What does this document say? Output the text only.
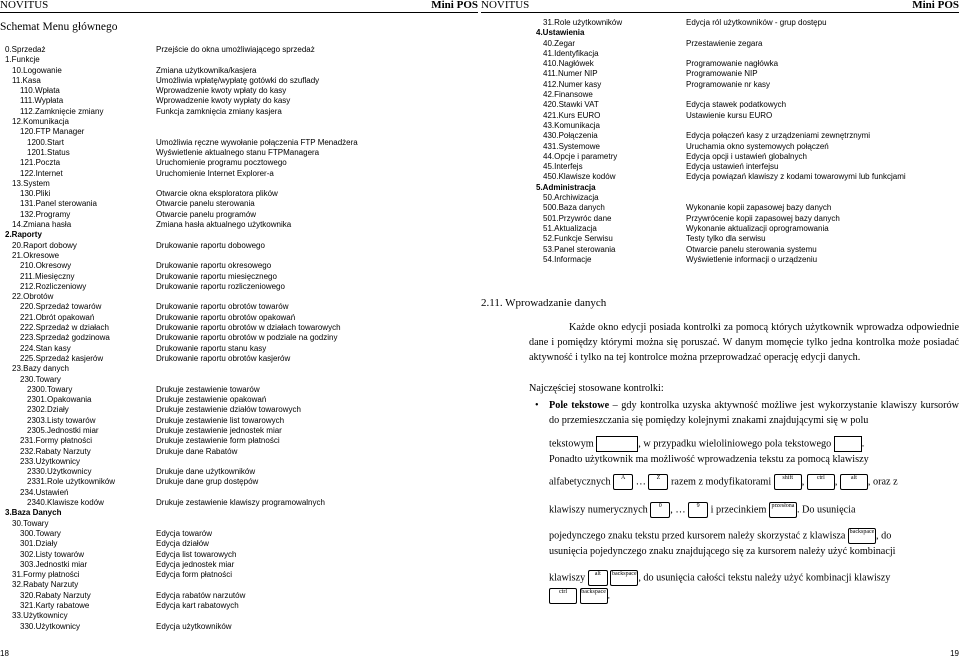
NOVITUS	Mini POS
Schemat Menu głównego
0.Sprzedaż	Przejście do okna umożliwiającego sprzedaż
1.Funkcje
10.Logowanie	Zmiana użytkownika/kasjera
11.Kasa	Umożliwia wpłatę/wypłatę gotówki do szuflady
110.Wpłata	Wprowadzenie kwoty wpłaty do kasy
111.Wypłata	Wprowadzenie kwoty wypłaty do kasy
112.Zamknięcie zmiany	Funkcja zamknięcia zmiany kasjera
12.Komunikacja
120.FTP Manager
1200.Start	Umożliwia ręczne wywołanie połączenia FTP Menadżera
1201.Status	Wyświetlenie aktualnego stanu FTPManagera
121.Poczta	Uruchomienie programu pocztowego
122.Internet	Uruchomienie Internet Explorer-a
13.System
130.Pliki	Otwarcie okna eksploratora plików
131.Panel sterowania	Otwarcie panelu sterowania
132.Programy	Otwarcie panelu programów
14.Zmiana hasła	Zmiana hasła aktualnego użytkownika
2.Raporty
20.Raport dobowy	Drukowanie raportu dobowego
21.Okresowe
210.Okresowy	Drukowanie raportu okresowego
211.Miesięczny	Drukowanie raportu miesięcznego
212.Rozliczeniowy	Drukowanie raportu rozliczeniowego
22.Obrotów
220.Sprzedaż towarów	Drukowanie raportu obrotów towarów
221.Obrót opakowań	Drukowanie raportu obrotów opakowań
222.Sprzedaż w działach	Drukowanie raportu obrotów w działach towarowych
223.Sprzedaż godzinowa	Drukowanie raportu obrotów w podziale na godziny
224.Stan kasy	Drukowanie raportu stanu kasy
225.Sprzedaż kasjerów	Drukowanie raportu obrotów kasjerów
23.Bazy danych
230.Towary
2300.Towary	Drukuje zestawienie towarów
2301.Opakowania	Drukuje zestawienie opakowań
2302.Działy	Drukuje zestawienie działów towarowych
2303.Listy towarów	Drukuje zestawienie list towarowych
2305.Jednostki miar	Drukuje zestawienie jednostek miar
231.Formy płatności	Drukuje zestawienie form płatności
232.Rabaty Narzuty	Drukuje dane Rabatów
233.Użytkownicy
2330.Użytkownicy	Drukuje dane użytkowników
2331.Role użytkowników	Drukuje dane grup dostępów
234.Ustawień
2340.Klawisze kodów	Drukuje zestawienie klawiszy programowalnych
3.Baza Danych
30.Towary
300.Towary	Edycja towarów
301.Działy	Edycja działów
302.Listy towarów	Edycja list towarowych
303.Jednostki miar	Edycja jednostek miar
31.Formy płatności	Edycja form płatności
32.Rabaty Narzuty
320.Rabaty Narzuty	Edycja rabatów narzutów
321.Karty rabatowe	Edycja kart rabatowych
33.Użytkownicy
330.Użytkownicy	Edycja użytkowników
18
NOVITUS	Mini POS
31.Role użytkowników	Edycja ról użytkowników - grup dostępu
4.Ustawienia
40.Zegar	Przestawienie zegara
41.Identyfikacja
410.Nagłówek	Programowanie nagłówka
411.Numer NIP	Programowanie NIP
412.Numer kasy	Programowanie nr kasy
42.Finansowe
420.Stawki VAT	Edycja stawek podatkowych
421.Kurs EURO	Ustawienie kursu EURO
43.Komunikacja
430.Połączenia	Edycja połączeń kasy z urządzeniami zewnętrznymi
431.Systemowe	Uruchamia okno systemowych połączeń
44.Opcje i parametry	Edycja opcji i ustawień globalnych
45.Interfejs	Edycja ustawień interfejsu
450.Klawisze kodów	Edycja powiązań klawiszy z kodami towarowymi lub funkcjami
5.Administracja
50.Archiwizacja
500.Baza danych	Wykonanie kopii zapasowej bazy danych
501.Przywróc dane	Przywrócenie kopii zapasowej bazy danych
51.Aktualizacja	Wykonanie aktualizacji oprogramowania
52.Funkcje Serwisu	Testy tylko dla serwisu
53.Panel sterowania	Otwarcie panelu sterowania systemu
54.Informacje	Wyświetlenie informacji o urządzeniu
2.11. Wprowadzanie danych
Każde okno edycji posiada kontrolki za pomocą których użytkownik wprowadza odpowiednie dane i pomiędzy którymi można się poruszać. W danym momęcie tylko jedna kontrolka może posiadać aktywność i tylko na tej kontrolce można przeprowadzać operację edycji danych.
Najczęściej stosowane kontrolki:
• Pole tekstowe – gdy kontrolka uzyska aktywność możliwe jest wykorzystanie klawiszy kursorów do przemieszczania się pomiędzy kolejnymi znakami znajdującymi się w polu
tekstowym	, w przypadku wieloliniowego pola tekstowego	.
Ponadto użytkownik ma możliwość wprowadzenia tekstu za pomocą klawiszy
alfabetycznych A … Z razem z modyfikatorami shift , ctrl , alt , oraz z
klawiszy numerycznych 0 , … 9 i przecinkiem przesłona . Do usunięcia
pojedynczego znaku tekstu przed kursorem należy skorzystać z klawisza backspace , do
usunięcia pojedynczego znaku znajdującego się za kursorem należy użyć kombinacji
klawiszy alt backspace , do usunięcia całości tekstu należy użyć kombinacji klawiszy
ctrl backspace .
19
